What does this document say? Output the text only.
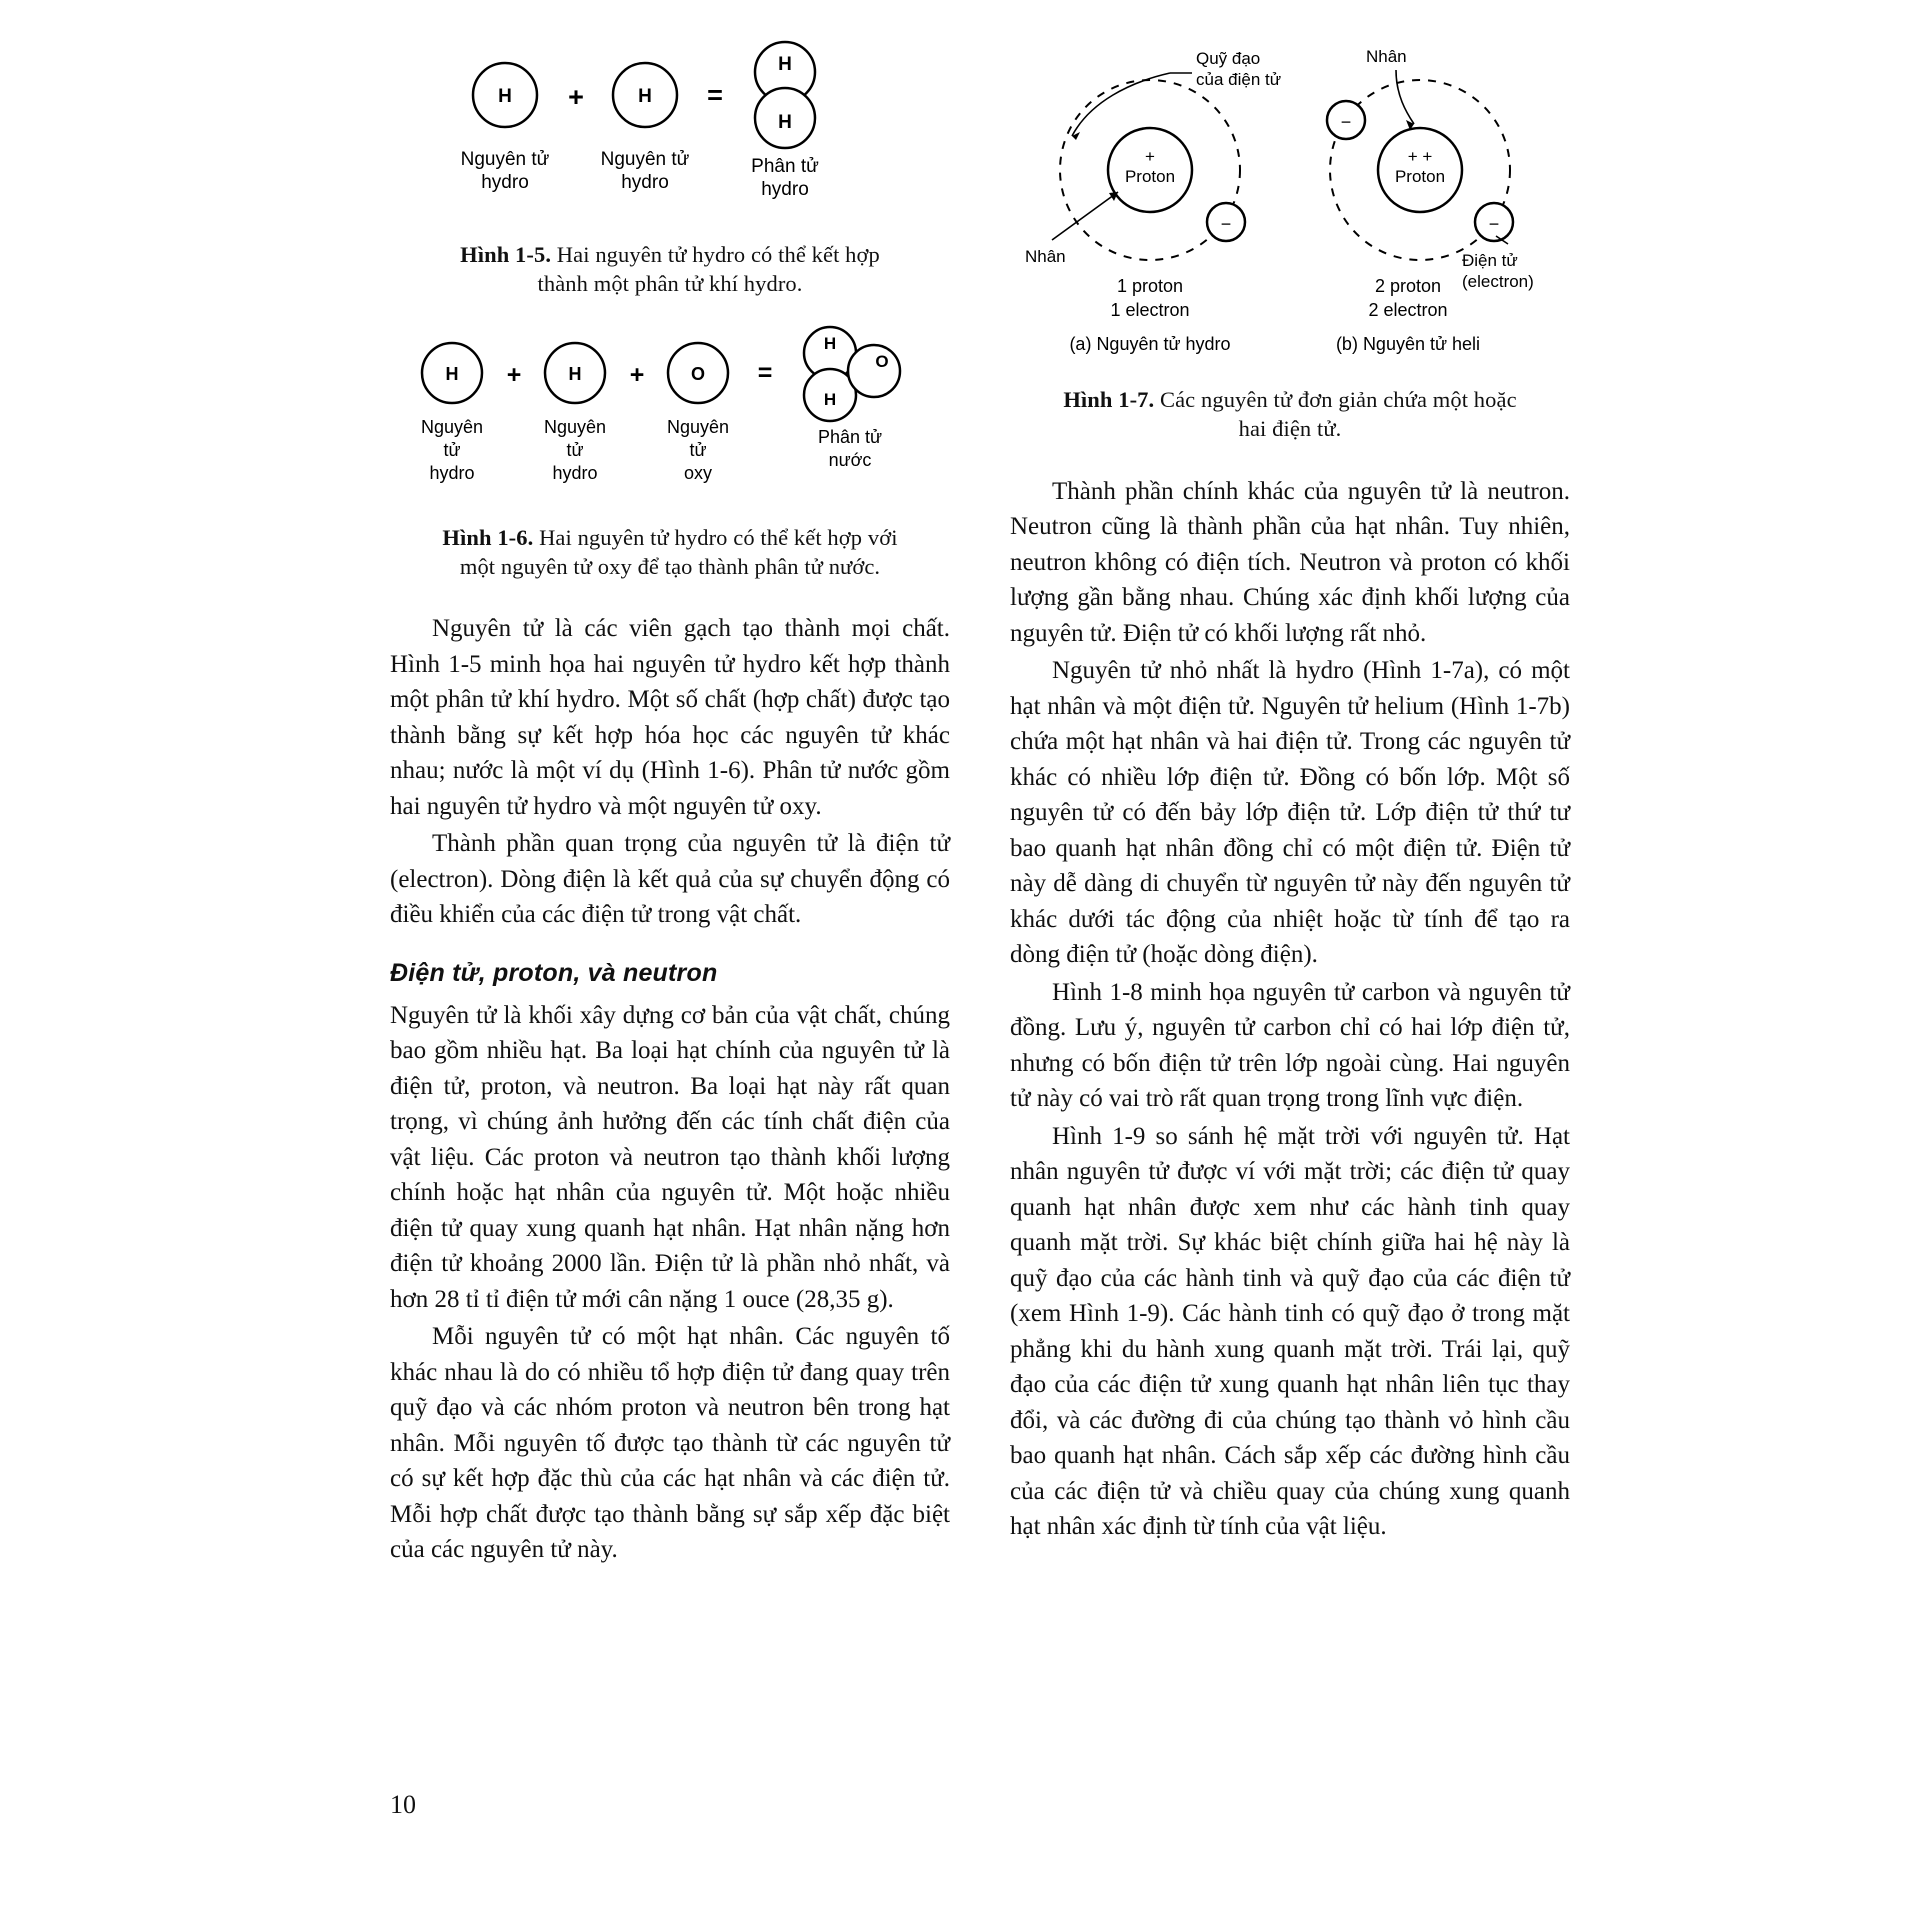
H +	H =
H
H
Nguyên tử
hydro
Nguyên tử
hydro
Phân tử
hydro
Hình 1-5. Hai nguyên tử hydro có thể kết hợp
thành một phân tử khí hydro.
H +	H +	O =
H
H
O
Nguyên
tử
hydro
Nguyên
tử
hydro
Nguyên
tử
oxy
Phân tử
nước
Hình 1-6. Hai nguyên tử hydro có thể kết hợp với
một nguyên tử oxy để tạo thành phân tử nước.

Nguyên tử là các viên gạch tạo thành mọi chất. Hình 1-5 minh họa hai nguyên tử hydro kết hợp thành một phân tử khí hydro. Một số chất (hợp chất) được tạo thành bằng sự kết hợp hóa học các nguyên tử khác nhau; nước là một ví dụ (Hình 1-6). Phân tử nước gồm hai nguyên tử hydro và một nguyên tử oxy.

Thành phần quan trọng của nguyên tử là điện tử (electron). Dòng điện là kết quả của sự chuyển động có điều khiển của các điện tử trong vật chất.

Điện tử, proton, và neutron

Nguyên tử là khối xây dựng cơ bản của vật chất, chúng bao gồm nhiều hạt. Ba loại hạt chính của nguyên tử là điện tử, proton, và neutron. Ba loại hạt này rất quan trọng, vì chúng ảnh hưởng đến các tính chất điện của vật liệu. Các proton và neutron tạo thành khối lượng chính hoặc hạt nhân của nguyên tử. Một hoặc nhiều điện tử quay xung quanh hạt nhân. Hạt nhân nặng hơn điện tử khoảng 2000 lần. Điện tử là phần nhỏ nhất, và hơn 28 tỉ tỉ điện tử mới cân nặng 1 ouce (28,35 g).

Mỗi nguyên tử có một hạt nhân. Các nguyên tố khác nhau là do có nhiều tổ hợp điện tử đang quay trên quỹ đạo và các nhóm proton và neutron bên trong hạt nhân. Mỗi nguyên tố được tạo thành từ các nguyên tử có sự kết hợp đặc thù của các hạt nhân và các điện tử. Mỗi hợp chất được tạo thành bằng sự sắp xếp đặc biệt của các nguyên tử này.

+
Proton
−
Quỹ đạo
của điện tử
Nhân
1 proton
1 electron
(a) Nguyên tử hydro
+ +
Proton
−
−
Nhân
Điện tử
(electron)
2 proton
2 electron
(b) Nguyên tử heli
Hình 1-7. Các nguyên tử đơn giản chứa một hoặc
hai điện tử.

Thành phần chính khác của nguyên tử là neutron. Neutron cũng là thành phần của hạt nhân. Tuy nhiên, neutron không có điện tích. Neutron và proton có khối lượng gần bằng nhau. Chúng xác định khối lượng của nguyên tử. Điện tử có khối lượng rất nhỏ.

Nguyên tử nhỏ nhất là hydro (Hình 1-7a), có một hạt nhân và một điện tử. Nguyên tử helium (Hình 1-7b) chứa một hạt nhân và hai điện tử. Trong các nguyên tử khác có nhiều lớp điện tử. Đồng có bốn lớp. Một số nguyên tử có đến bảy lớp điện tử. Lớp điện tử thứ tư bao quanh hạt nhân đồng chỉ có một điện tử. Điện tử này dễ dàng di chuyển từ nguyên tử này đến nguyên tử khác dưới tác động của nhiệt hoặc từ tính để tạo ra dòng điện tử (hoặc dòng điện).

Hình 1-8 minh họa nguyên tử carbon và nguyên tử đồng. Lưu ý, nguyên tử carbon chỉ có hai lớp điện tử, nhưng có bốn điện tử trên lớp ngoài cùng. Hai nguyên tử này có vai trò rất quan trọng trong lĩnh vực điện.

Hình 1-9 so sánh hệ mặt trời với nguyên tử. Hạt nhân nguyên tử được ví với mặt trời; các điện tử quay quanh hạt nhân được xem như các hành tinh quay quanh mặt trời. Sự khác biệt chính giữa hai hệ này là quỹ đạo của các hành tinh và quỹ đạo của các điện tử (xem Hình 1-9). Các hành tinh có quỹ đạo ở trong mặt phẳng khi du hành xung quanh mặt trời. Trái lại, quỹ đạo của các điện tử xung quanh hạt nhân liên tục thay đổi, và các đường đi của chúng tạo thành vỏ hình cầu bao quanh hạt nhân. Cách sắp xếp các đường hình cầu của các điện tử và chiều quay của chúng xung quanh hạt nhân xác định từ tính của vật liệu.

10
